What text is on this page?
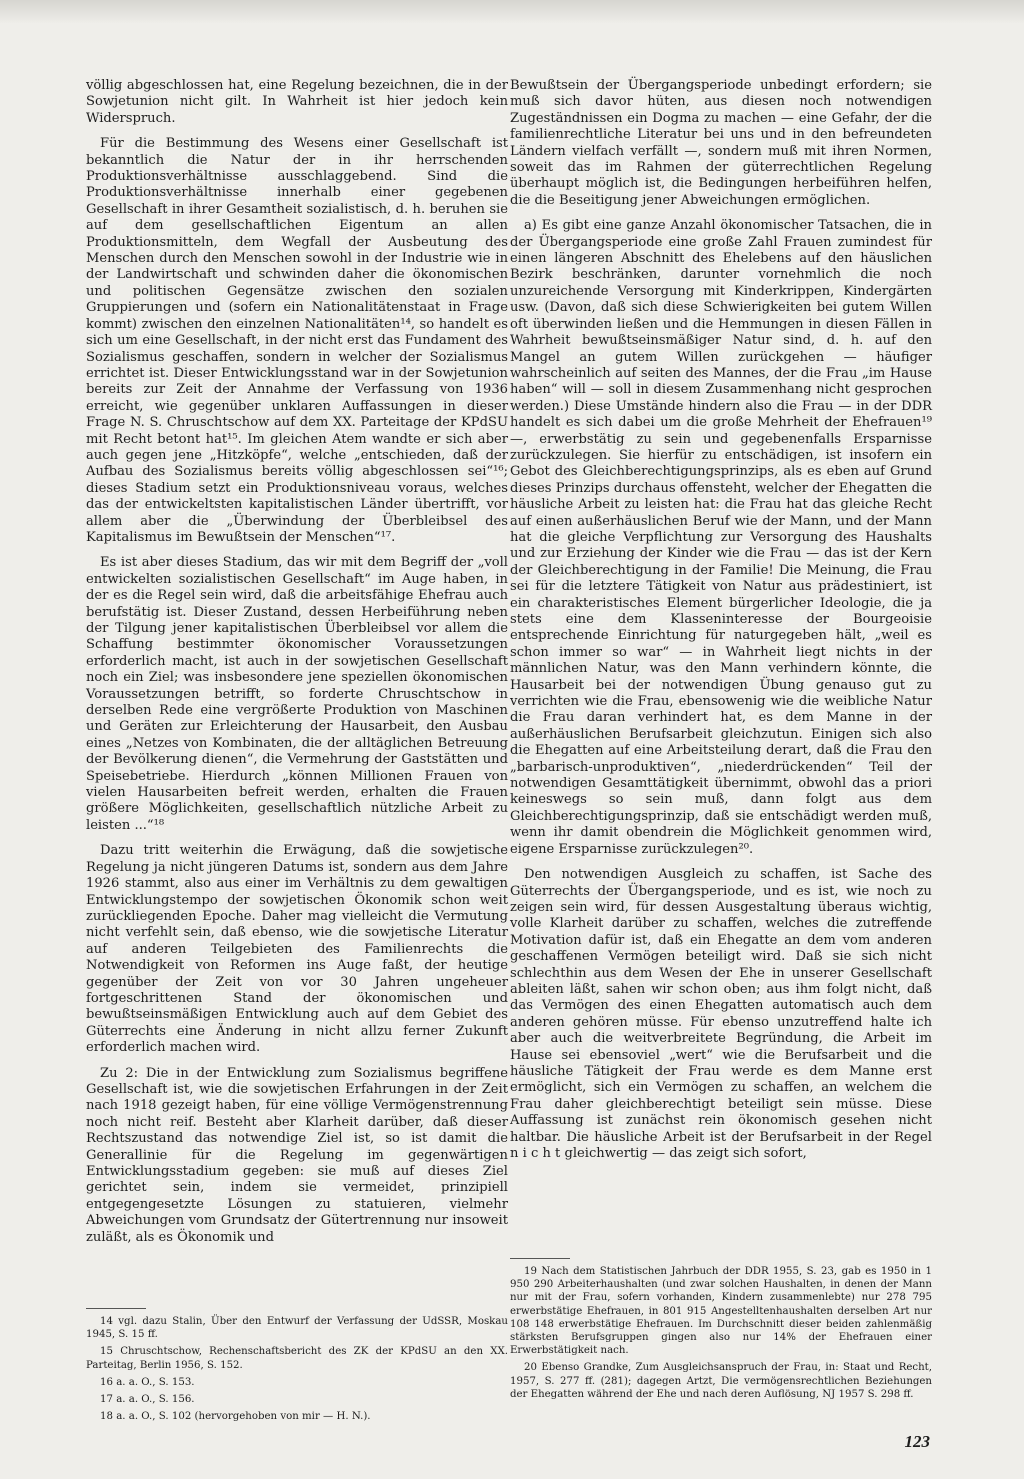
völlig abgeschlossen hat, eine Regelung bezeichnen, die in der Sowjetunion nicht gilt. In Wahrheit ist hier jedoch kein Widerspruch.

Für die Bestimmung des Wesens einer Gesellschaft ist bekanntlich die Natur der in ihr herrschenden Produktionsverhältnisse ausschlaggebend. Sind die Produktionsverhältnisse innerhalb einer gegebenen Gesellschaft in ihrer Gesamtheit sozialistisch, d. h. beruhen sie auf dem gesellschaftlichen Eigentum an allen Produktionsmitteln, dem Wegfall der Ausbeutung des Menschen durch den Menschen sowohl in der Industrie wie in der Landwirtschaft und schwinden daher die ökonomischen und politischen Gegensätze zwischen den sozialen Gruppierungen und (sofern ein Nationalitätenstaat in Frage kommt) zwischen den einzelnen Nationalitäten¹⁴, so handelt es sich um eine Gesellschaft, in der nicht erst das Fundament des Sozialismus geschaffen, sondern in welcher der Sozialismus errichtet ist. Dieser Entwicklungsstand war in der Sowjetunion bereits zur Zeit der Annahme der Verfassung von 1936 erreicht, wie gegenüber unklaren Auffassungen in dieser Frage N. S. Chruschtschow auf dem XX. Parteitage der KPdSU mit Recht betont hat¹⁵. Im gleichen Atem wandte er sich aber auch gegen jene „Hitzköpfe“, welche „entschieden, daß der Aufbau des Sozialismus bereits völlig abgeschlossen sei“¹⁶; dieses Stadium setzt ein Produktionsniveau voraus, welches das der entwickeltsten kapitalistischen Länder übertrifft, vor allem aber die „Überwindung der Überbleibsel des Kapitalismus im Bewußtsein der Menschen“¹⁷.

Es ist aber dieses Stadium, das wir mit dem Begriff der „voll entwickelten sozialistischen Gesellschaft“ im Auge haben, in der es die Regel sein wird, daß die arbeitsfähige Ehefrau auch berufstätig ist. Dieser Zustand, dessen Herbeiführung neben der Tilgung jener kapitalistischen Überbleibsel vor allem die Schaffung bestimmter ökonomischer Voraussetzungen erforderlich macht, ist auch in der sowjetischen Gesellschaft noch ein Ziel; was insbesondere jene speziellen ökonomischen Voraussetzungen betrifft, so forderte Chruschtschow in derselben Rede eine vergrößerte Produktion von Maschinen und Geräten zur Erleichterung der Hausarbeit, den Ausbau eines „Netzes von Kombinaten, die der alltäglichen Betreuung der Bevölkerung dienen“, die Vermehrung der Gaststätten und Speisebetriebe. Hierdurch „können Millionen Frauen von vielen Hausarbeiten befreit werden, erhalten die Frauen größere Möglichkeiten, gesellschaftlich nützliche Arbeit zu leisten ...“¹⁸

Dazu tritt weiterhin die Erwägung, daß die sowjetische Regelung ja nicht jüngeren Datums ist, sondern aus dem Jahre 1926 stammt, also aus einer im Verhältnis zu dem gewaltigen Entwicklungstempo der sowjetischen Ökonomik schon weit zurückliegenden Epoche. Daher mag vielleicht die Vermutung nicht verfehlt sein, daß ebenso, wie die sowjetische Literatur auf anderen Teilgebieten des Familienrechts die Notwendigkeit von Reformen ins Auge faßt, der heutige gegenüber der Zeit von vor 30 Jahren ungeheuer fortgeschrittenen Stand der ökonomischen und bewußtseinsmäßigen Entwicklung auch auf dem Gebiet des Güterrechts eine Änderung in nicht allzu ferner Zukunft erforderlich machen wird.

Zu 2: Die in der Entwicklung zum Sozialismus begriffene Gesellschaft ist, wie die sowjetischen Erfahrungen in der Zeit nach 1918 gezeigt haben, für eine völlige Vermögenstrennung noch nicht reif. Besteht aber Klarheit darüber, daß dieser Rechtszustand das notwendige Ziel ist, so ist damit die Generallinie für die Regelung im gegenwärtigen Entwicklungsstadium gegeben: sie muß auf dieses Ziel gerichtet sein, indem sie vermeidet, prinzipiell entgegengesetzte Lösungen zu statuieren, vielmehr Abweichungen vom Grundsatz der Gütertrennung nur insoweit zuläßt, als es Ökonomik und

Bewußtsein der Übergangsperiode unbedingt erfordern; sie muß sich davor hüten, aus diesen noch notwendigen Zugeständnissen ein Dogma zu machen — eine Gefahr, der die familienrechtliche Literatur bei uns und in den befreundeten Ländern vielfach verfällt —, sondern muß mit ihren Normen, soweit das im Rahmen der güterrechtlichen Regelung überhaupt möglich ist, die Bedingungen herbeiführen helfen, die die Beseitigung jener Abweichungen ermöglichen.

a) Es gibt eine ganze Anzahl ökonomischer Tatsachen, die in der Übergangsperiode eine große Zahl Frauen zumindest für einen längeren Abschnitt des Ehelebens auf den häuslichen Bezirk beschränken, darunter vornehmlich die noch unzureichende Versorgung mit Kinderkrippen, Kindergärten usw. (Davon, daß sich diese Schwierigkeiten bei gutem Willen oft überwinden ließen und die Hemmungen in diesen Fällen in Wahrheit bewußtseinsmäßiger Natur sind, d. h. auf den Mangel an gutem Willen zurückgehen — häufiger wahrscheinlich auf seiten des Mannes, der die Frau „im Hause haben“ will — soll in diesem Zusammenhang nicht gesprochen werden.) Diese Umstände hindern also die Frau — in der DDR handelt es sich dabei um die große Mehrheit der Ehefrauen¹⁹ —, erwerbstätig zu sein und gegebenenfalls Ersparnisse zurückzulegen. Sie hierfür zu entschädigen, ist insofern ein Gebot des Gleichberechtigungsprinzips, als es eben auf Grund dieses Prinzips durchaus offensteht, welcher der Ehegatten die häusliche Arbeit zu leisten hat: die Frau hat das gleiche Recht auf einen außerhäuslichen Beruf wie der Mann, und der Mann hat die gleiche Verpflichtung zur Versorgung des Haushalts und zur Erziehung der Kinder wie die Frau — das ist der Kern der Gleichberechtigung in der Familie! Die Meinung, die Frau sei für die letztere Tätigkeit von Natur aus prädestiniert, ist ein charakteristisches Element bürgerlicher Ideologie, die ja stets eine dem Klasseninteresse der Bourgeoisie entsprechende Einrichtung für naturgegeben hält, „weil es schon immer so war“ — in Wahrheit liegt nichts in der männlichen Natur, was den Mann verhindern könnte, die Hausarbeit bei der notwendigen Übung genauso gut zu verrichten wie die Frau, ebensowenig wie die weibliche Natur die Frau daran verhindert hat, es dem Manne in der außerhäuslichen Berufsarbeit gleichzutun. Einigen sich also die Ehegatten auf eine Arbeitsteilung derart, daß die Frau den „barbarisch-unproduktiven“, „niederdrückenden“ Teil der notwendigen Gesamttätigkeit übernimmt, obwohl das a priori keineswegs so sein muß, dann folgt aus dem Gleichberechtigungsprinzip, daß sie entschädigt werden muß, wenn ihr damit obendrein die Möglichkeit genommen wird, eigene Ersparnisse zurückzulegen²⁰.

Den notwendigen Ausgleich zu schaffen, ist Sache des Güterrechts der Übergangsperiode, und es ist, wie noch zu zeigen sein wird, für dessen Ausgestaltung überaus wichtig, volle Klarheit darüber zu schaffen, welches die zutreffende Motivation dafür ist, daß ein Ehegatte an dem vom anderen geschaffenen Vermögen beteiligt wird. Daß sie sich nicht schlechthin aus dem Wesen der Ehe in unserer Gesellschaft ableiten läßt, sahen wir schon oben; aus ihm folgt nicht, daß das Vermögen des einen Ehegatten automatisch auch dem anderen gehören müsse. Für ebenso unzutreffend halte ich aber auch die weitverbreitete Begründung, die Arbeit im Hause sei ebensoviel „wert“ wie die Berufsarbeit und die häusliche Tätigkeit der Frau werde es dem Manne erst ermöglicht, sich ein Vermögen zu schaffen, an welchem die Frau daher gleichberechtigt beteiligt sein müsse. Diese Auffassung ist zunächst rein ökonomisch gesehen nicht haltbar. Die häusliche Arbeit ist der Berufsarbeit in der Regel n i c h t gleichwertig — das zeigt sich sofort,

14 vgl. dazu Stalin, Über den Entwurf der Verfassung der UdSSR, Moskau 1945, S. 15 ff.

15 Chruschtschow, Rechenschaftsbericht des ZK der KPdSU an den XX. Parteitag, Berlin 1956, S. 152.

16 a. a. O., S. 153.

17 a. a. O., S. 156.

18 a. a. O., S. 102 (hervorgehoben von mir — H. N.).

19 Nach dem Statistischen Jahrbuch der DDR 1955, S. 23, gab es 1950 in 1 950 290 Arbeiterhaushalten (und zwar solchen Haushalten, in denen der Mann nur mit der Frau, sofern vorhanden, Kindern zusammenlebte) nur 278 795 erwerbstätige Ehefrauen, in 801 915 Angestelltenhaushalten derselben Art nur 108 148 erwerbstätige Ehefrauen. Im Durchschnitt dieser beiden zahlenmäßig stärksten Berufsgruppen gingen also nur 14% der Ehefrauen einer Erwerbstätigkeit nach.

20 Ebenso Grandke, Zum Ausgleichsanspruch der Frau, in: Staat und Recht, 1957, S. 277 ff. (281); dagegen Artzt, Die vermögensrechtlichen Beziehungen der Ehegatten während der Ehe und nach deren Auflösung, NJ 1957 S. 298 ff.

123
